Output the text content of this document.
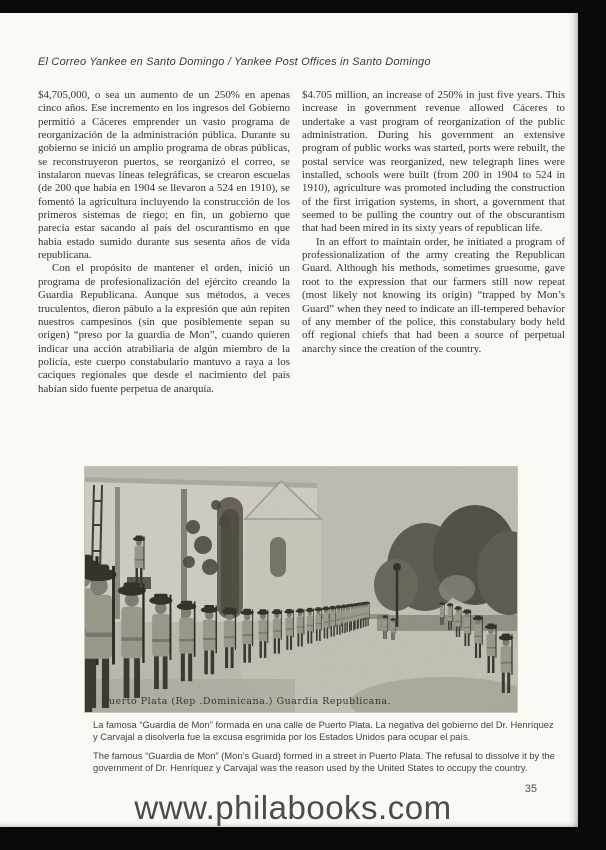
El Correo Yankee en Santo Domingo / Yankee Post Offices in Santo Domingo

$4,705,000, o sea un aumento de un 250% en apenas cinco años. Ese incremento en los ingresos del Gobierno permitió a Cáceres emprender un vasto programa de reorganización de la administración pública. Durante su gobierno se inició un amplio programa de obras públicas, se reconstruyeron puertos, se reorganizó el correo, se instalaron nuevas líneas telegráficas, se crearon escuelas (de 200 que había en 1904 se llevaron a 524 en 1910), se fomentó la agricultura incluyendo la construcción de los primeros sistemas de riego; en fin, un gobierno que parecía estar sacando al país del oscurantismo en que había estado sumido durante sus sesenta años de vida republicana.

Con el propósito de mantener el orden, inició un programa de profesionalización del ejército creando la Guardia Republicana. Aunque sus métodos, a veces truculentos, dieron pábulo a la expresión que aún repiten nuestros campesinos (sin que posiblemente sepan su origen) “preso por la guardia de Mon”, cuando quieren indicar una acción atrabiliaria de algún miembro de la policía, este cuerpo constabulario mantuvo a raya a los caciques regionales que desde el nacimiento del país habían sido fuente perpetua de anarquía.

$4.705 million, an increase of 250% in just five years. This increase in government revenue allowed Cáceres to undertake a vast program of reorganization of the public administration. During his government an extensive program of public works was started, ports were rebuilt, the postal service was reorganized, new telegraph lines were installed, schools were built (from 200 in 1904 to 524 in 1910), agriculture was promoted including the construction of the first irrigation systems, in short, a government that seemed to be pulling the country out of the obscurantism that had been mired in its sixty years of republican life.

In an effort to maintain order, he initiated a program of professionalization of the army creating the Republican Guard. Although his methods, sometimes gruesome, gave root to the expression that our farmers still now repeat (most likely not knowing its origin) “trapped by Mon’s Guard” when they need to indicate an ill-tempered behavior of any member of the police, this constabulary body held off regional chiefs that had been a source of perpetual anarchy since the creation of the country.

Puerto Plata (Rep .Dominicana.) Guardia Republicana.

La famosa “Guardia de Mon” formada en una calle de Puerto Plata. La negativa del gobierno del Dr. Henríquez y Carvajal a disolverla fue la excusa esgrimida por los Estados Unidos para ocupar el país.

The famous “Guardia de Mon” (Mon’s Guard) formed in a street in Puerto Plata. The refusal to dissolve it by the government of Dr. Henríquez y Carvajal was the reason used by the United States to occupy the country.

35
www.philabooks.com
